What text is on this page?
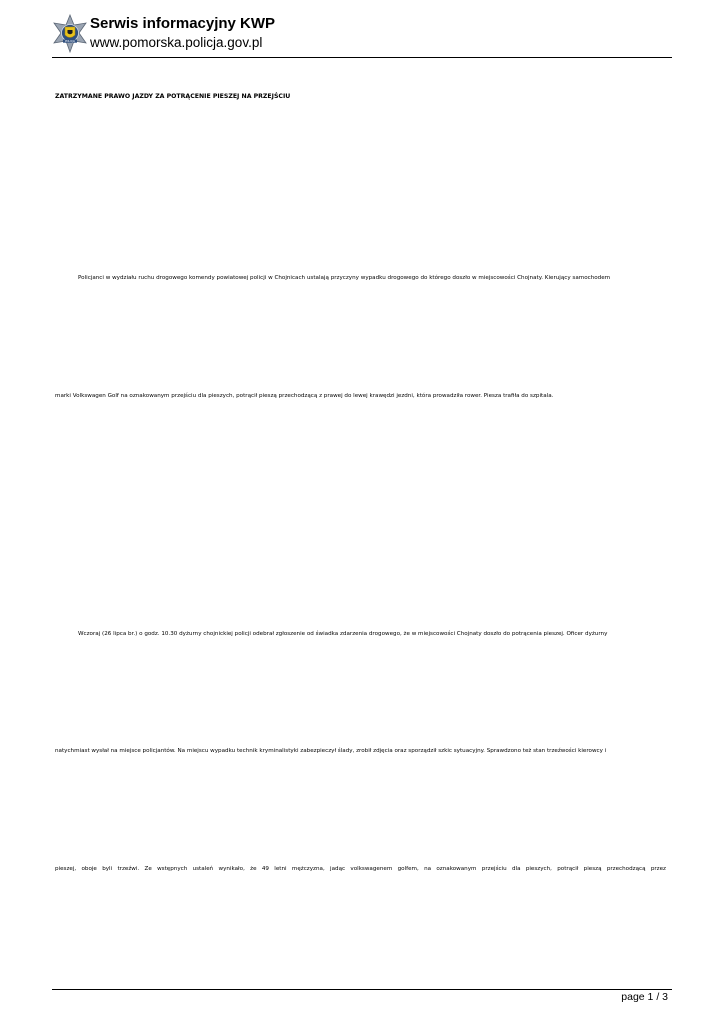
POLICJA
Serwis informacyjny KWP
www.pomorska.policja.gov.pl
ZATRZYMANE PRAWO JAZDY ZA POTRĄCENIE PIESZEJ NA PRZEJŚCIU
Policjanci w wydziału ruchu drogowego komendy powiatowej policji w Chojnicach ustalają przyczyny wypadku drogowego do którego doszło w miejscowości Chojnaty. Kierujący samochodem
marki Volkswagen Golf na oznakowanym przejściu dla pieszych, potrącił pieszą przechodzącą z prawej do lewej krawędzi jezdni, która prowadziła rower. Piesza trafiła do szpitala.
Wczoraj (26 lipca br.) o godz. 10.30 dyżurny chojnickiej policji odebrał zgłoszenie od świadka zdarzenia drogowego, że w miejscowości Chojnaty doszło do potrącenia pieszej. Oficer dyżurny
natychmiast wysłał na miejsce policjantów. Na miejscu wypadku technik kryminalistyki zabezpieczył ślady, zrobił zdjęcia oraz sporządził szkic sytuacyjny. Sprawdzono też stan trzeźwości kierowcy i
pieszej, oboje byli trzeźwi. Ze wstępnych ustaleń wynikało, że 49 letni mężczyzna, jadąc volkswagenem golfem, na oznakowanym przejściu dla pieszych, potrącił pieszą przechodzącą przez
page 1 / 3
